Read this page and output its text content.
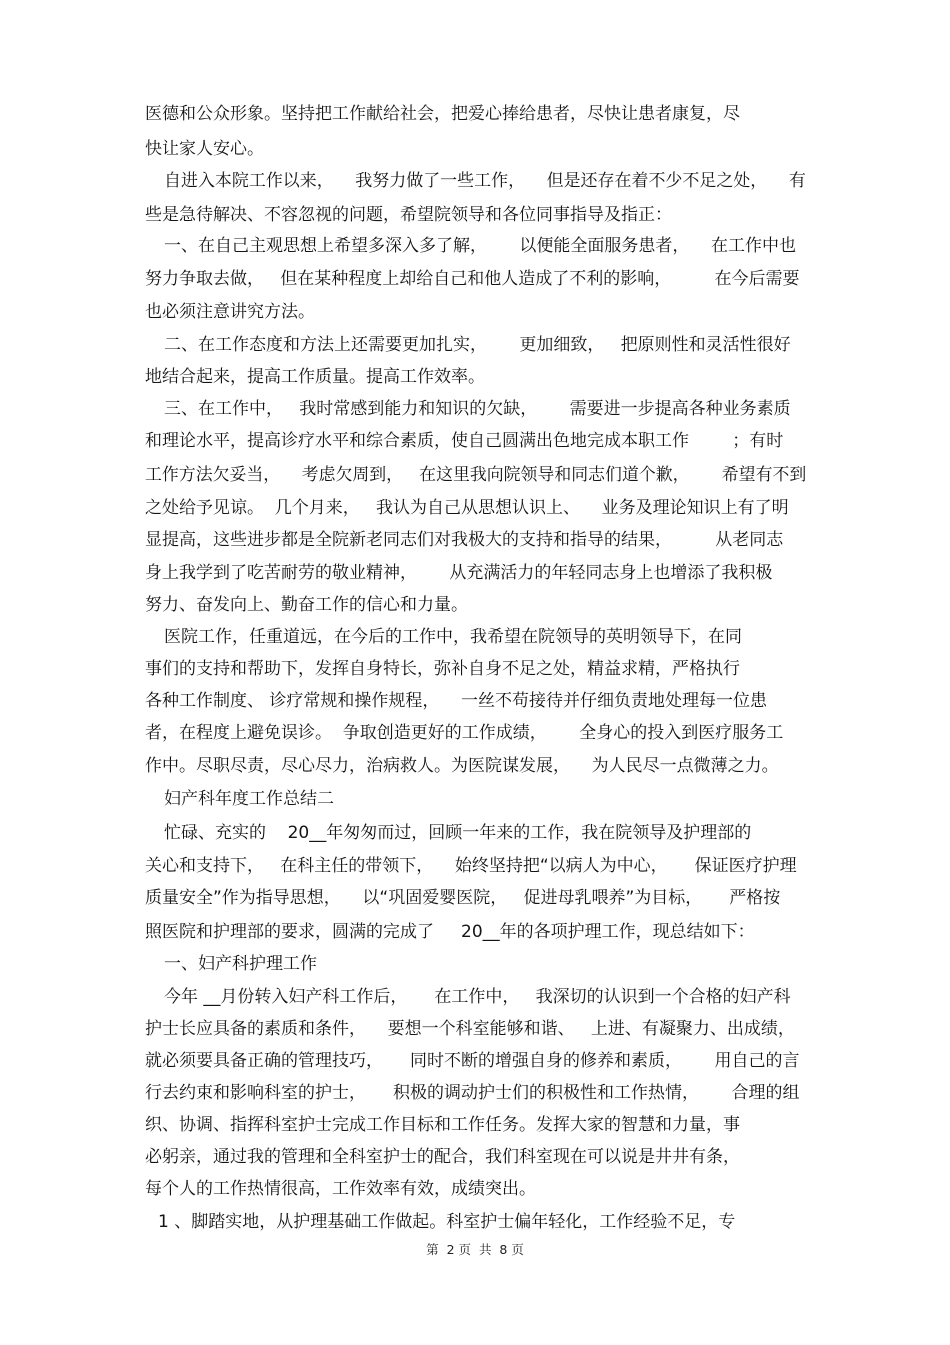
医德和公众形象。坚持把工作献给社会，把爱心捧给患者，尽快让患者康复，尽
快让家人安心。
自进入本院工作以来，    我努力做了一些工作，    但是还存在着不少不足之处，    有
些是急待解决、不容忽视的问题，希望院领导和各位同事指导及指正：
一、在自己主观思想上希望多深入多了解，      以便能全面服务患者，    在工作中也
努力争取去做，   但在某种程度上却给自己和他人造成了不利的影响，        在今后需要
也必须注意讲究方法。
二、在工作态度和方法上还需要更加扎实，      更加细致，   把原则性和灵活性很好
地结合起来，提高工作质量。提高工作效率。
三、在工作中，   我时常感到能力和知识的欠缺，      需要进一步提高各种业务素质
和理论水平，提高诊疗水平和综合素质，使自己圆满出色地完成本职工作        ；有时
工作方法欠妥当，    考虑欠周到，   在这里我向院领导和同志们道个歉，      希望有不到
之处给予见谅。  几个月来，   我认为自己从思想认识上、    业务及理论知识上有了明
显提高，这些进步都是全院新老同志们对我极大的支持和指导的结果，        从老同志
身上我学到了吃苦耐劳的敬业精神，      从充满活力的年轻同志身上也增添了我积极
努力、奋发向上、勤奋工作的信心和力量。
医院工作，任重道远，在今后的工作中，我希望在院领导的英明领导下，在同
事们的支持和帮助下，发挥自身特长，弥补自身不足之处，精益求精，严格执行
各种工作制度、 诊疗常规和操作规程，    一丝不苟接待并仔细负责地处理每一位患
者，在程度上避免误诊。  争取创造更好的工作成绩，      全身心的投入到医疗服务工
作中。尽职尽责，尽心尽力，治病救人。为医院谋发展，    为人民尽一点微薄之力。
妇产科年度工作总结二
忙碌、充实的    20__年匆匆而过，回顾一年来的工作，我在院领导及护理部的
关心和支持下，   在科主任的带领下，    始终坚持把“以病人为中心，     保证医疗护理
质量安全”作为指导思想，    以“巩固爱婴医院，   促进母乳喂养”为目标，     严格按
照医院和护理部的要求，圆满的完成了     20__年的各项护理工作，现总结如下：
一、妇产科护理工作
今年 __月份转入妇产科工作后，     在工作中，   我深切的认识到一个合格的妇产科
护士长应具备的素质和条件，    要想一个科室能够和谐、   上进、有凝聚力、出成绩，
就必须要具备正确的管理技巧，     同时不断的增强自身的修养和素质，      用自己的言
行去约束和影响科室的护士，     积极的调动护士们的积极性和工作热情，      合理的组
织、协调、指挥科室护士完成工作目标和工作任务。发挥大家的智慧和力量，事
必躬亲，通过我的管理和全科室护士的配合，我们科室现在可以说是井井有条，
每个人的工作热情很高，工作效率有效，成绩突出。
1 、脚踏实地，从护理基础工作做起。科室护士偏年轻化，工作经验不足，专
第  2 页  共  8 页
